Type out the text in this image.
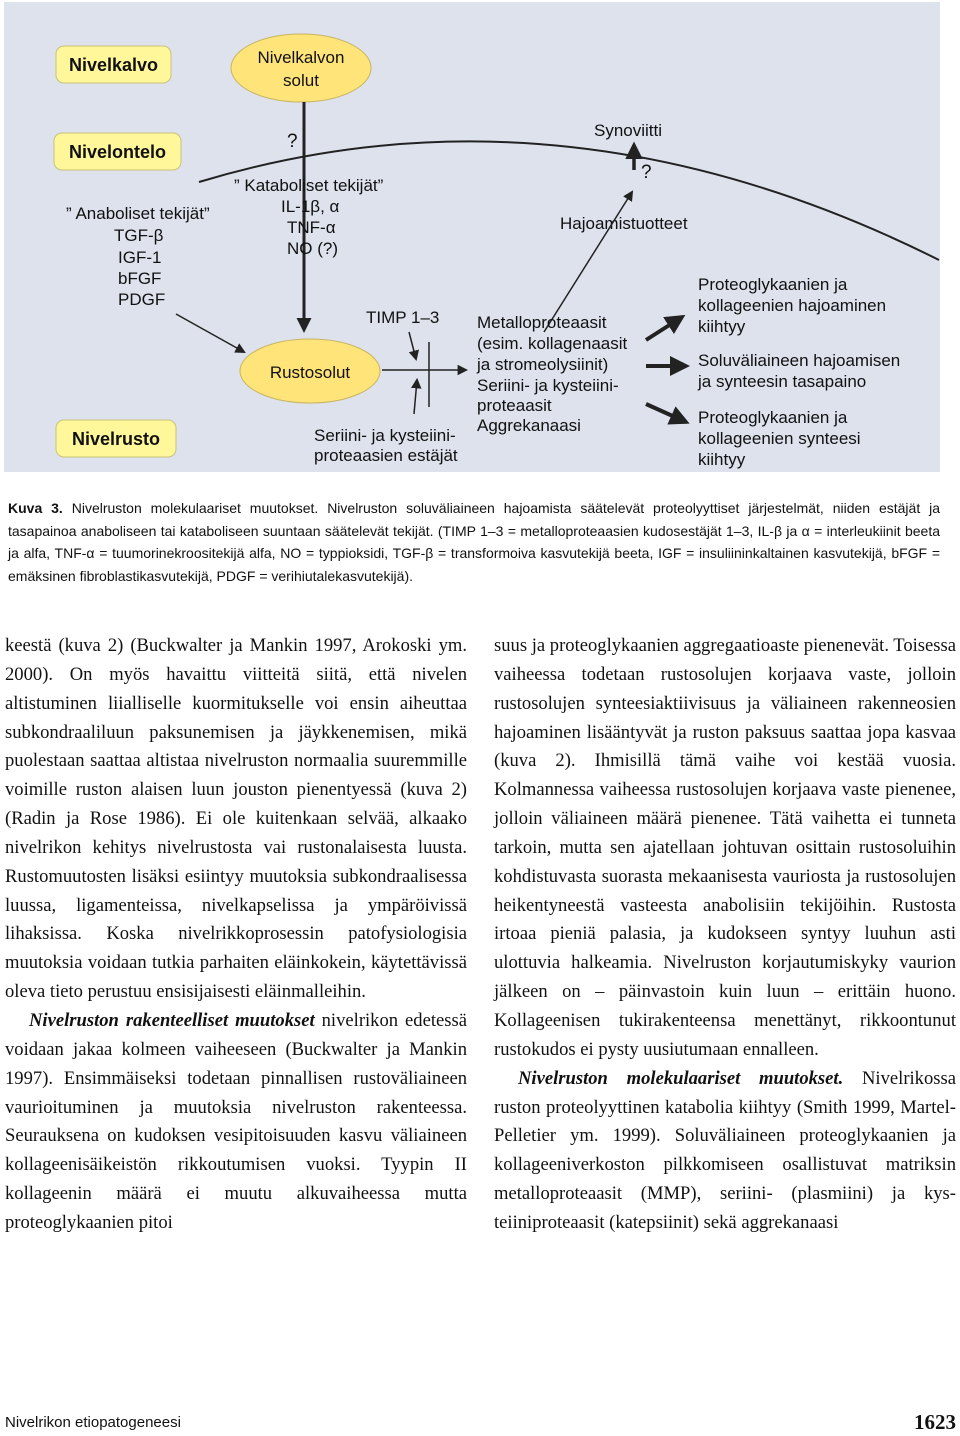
Nivelkalvo	Nivelkalvon
solut
Nivelontelo
Nivelrusto
Rustosolut
?
” Kataboliset tekijät”
IL-1β, α
TNF-α
NO (?)
” Anaboliset tekijät”
TGF-β
IGF-1
bFGF
PDGF
TIMP 1–3
Seriini- ja kysteiini-
proteaasien estäjät
Synoviitti
?
Hajoamistuotteet
Metalloproteaasit
(esim. kollagenaasit
ja stromeolysiinit)
Seriini- ja kysteiini-
proteaasit
Aggrekanaasi
Proteoglykaanien ja
kollageenien hajoaminen
kiihtyy
Soluväliaineen hajoamisen
ja synteesin tasapaino
Proteoglykaanien ja
kollageenien synteesi
kiihtyy
Kuva 3. Nivelruston molekulaariset muutokset. Nivelruston soluväliaineen hajoamista säätelevät proteolyyttiset järjestelmät, niiden estäjät ja tasapainoa anaboliseen tai kataboliseen suuntaan säätelevät tekijät. (TIMP 1–3 = metalloproteaasien kudosestäjät 1–3, IL-β ja α = interleukiinit beeta ja alfa, TNF-α = tuumorinekroositekijä alfa, NO = typpioksidi, TGF-β = transformoiva kasvutekijä beeta, IGF = insuliininkaltainen kasvutekijä, bFGF = emäksinen fibroblastikasvutekijä, PDGF = verihiutalekasvutekijä).

keestä (kuva 2) (Buckwalter ja Mankin 1997, Arokoski ym. 2000). On myös havaittu viitteitä siitä, että nivelen altistuminen liialliselle kuormitukselle voi ensin aiheuttaa subkondraaliluun paksunemisen ja jäykkenemisen, mikä puolestaan saattaa altistaa nivelruston normaalia suuremmille voimille ruston alaisen luun jouston pienentyessä (kuva 2) (Radin ja Rose 1986). Ei ole kuitenkaan selvää, alkaako nivelrikon kehitys nivelrustosta vai rustonalaisesta luusta. Rustomuutosten lisäksi esiintyy muutoksia subkondraalisessa luussa, ligamenteissa, nivelkapselissa ja ympäröivissä lihaksissa. Koska nivelrikkoprosessin patofysiologisia muutoksia voidaan tutkia parhaiten eläinkokein, käytettävissä oleva tieto perustuu ensisijaisesti eläinmalleihin.

Nivelruston rakenteelliset muutokset nivelrikon edetessä voidaan jakaa kolmeen vaiheeseen (Buckwalter ja Mankin 1997). Ensimmäiseksi todetaan pinnallisen rustoväliaineen vaurioituminen ja muutoksia nivelruston rakenteessa. Seurauksena on kudoksen vesipitoisuuden kasvu väliaineen kollageenisäikeistön rikkoutumisen vuoksi. Tyypin II kollageenin määrä ei muutu alkuvaiheessa mutta proteoglykaanien pitoi

suus ja proteoglykaanien aggregaatioaste pienenevät. Toisessa vaiheessa todetaan rustosolujen korjaava vaste, jolloin rustosolujen synteesiaktiivisuus ja väliaineen rakenneosien hajoaminen lisääntyvät ja ruston paksuus saattaa jopa kasvaa (kuva 2). Ihmisillä tämä vaihe voi kestää vuosia. Kolmannessa vaiheessa rustosolujen korjaava vaste pienenee, jolloin väliaineen määrä pienenee. Tätä vaihetta ei tunneta tarkoin, mutta sen ajatellaan johtuvan osittain rustosoluihin kohdistuvasta suorasta mekaanisesta vauriosta ja rustosolujen heikentyneestä vasteesta anabolisiin tekijöihin. Rustosta irtoaa pieniä palasia, ja kudokseen syntyy luuhun asti ulottuvia halkeamia. Nivelruston korjautumiskyky vaurion jälkeen on – päinvastoin kuin luun – erittäin huono. Kollageenisen tukirakenteensa menettänyt, rikkoontunut rustokudos ei pysty uusiutumaan ennalleen.

Nivelruston molekulaariset muutokset. Nivelrikossa ruston proteolyyttinen katabolia kiihtyy (Smith 1999, Martel-Pelletier ym. 1999). Soluväliaineen proteoglykaanien ja kollageeniverkoston pilkkomiseen osallistuvat matriksin metalloproteaasit (MMP), seriini- (plasmiini) ja kysteiiniproteaasit (katepsiinit) sekä aggrekanaasi

Nivelrikon etiopatogeneesi	1623
